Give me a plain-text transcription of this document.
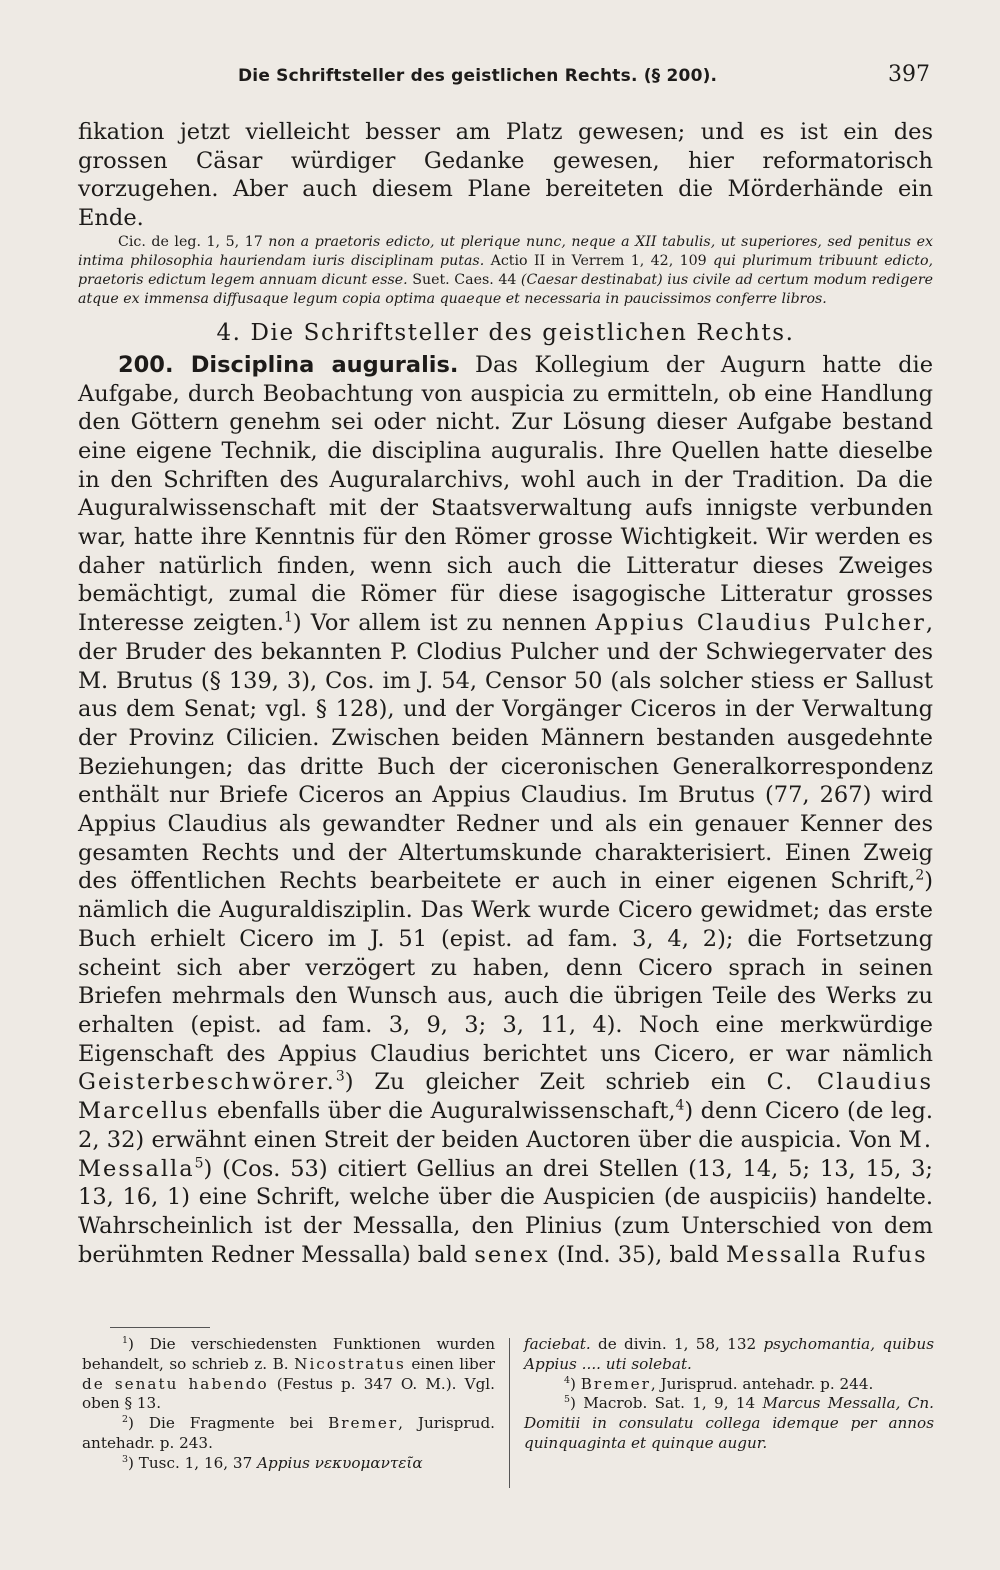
Die Schriftsteller des geistlichen Rechts. (§ 200).	397

fikation jetzt vielleicht besser am Platz gewesen; und es ist ein des grossen Cäsar würdiger Gedanke gewesen, hier reformatorisch vorzugehen. Aber auch diesem Plane bereiteten die Mörderhände ein Ende.

Cic. de leg. 1, 5, 17 non a praetoris edicto, ut plerique nunc, neque a XII tabulis, ut superiores, sed penitus ex intima philosophia hauriendam iuris disciplinam putas. Actio II in Verrem 1, 42, 109 qui plurimum tribuunt edicto, praetoris edictum legem annuam dicunt esse. Suet. Caes. 44 (Caesar destinabat) ius civile ad certum modum redigere atque ex immensa diffusaque legum copia optima quaeque et necessaria in paucissimos conferre libros.

4. Die Schriftsteller des geistlichen Rechts.

200. Disciplina auguralis. Das Kollegium der Augurn hatte die Aufgabe, durch Beobachtung von auspicia zu ermitteln, ob eine Handlung den Göttern genehm sei oder nicht. Zur Lösung dieser Aufgabe bestand eine eigene Technik, die disciplina auguralis. Ihre Quellen hatte dieselbe in den Schriften des Auguralarchivs, wohl auch in der Tradition. Da die Auguralwissenschaft mit der Staatsverwaltung aufs innigste verbunden war, hatte ihre Kenntnis für den Römer grosse Wichtigkeit. Wir werden es daher natürlich finden, wenn sich auch die Litteratur dieses Zweiges bemächtigt, zumal die Römer für diese isagogische Litteratur grosses Interesse zeigten.$^1$) Vor allem ist zu nennen Appius Claudius Pulcher, der Bruder des bekannten P. Clodius Pulcher und der Schwiegervater des M. Brutus (§ 139, 3), Cos. im J. 54, Censor 50 (als solcher stiess er Sallust aus dem Senat; vgl. § 128), und der Vorgänger Ciceros in der Verwaltung der Provinz Cilicien. Zwischen beiden Männern bestanden ausgedehnte Beziehungen; das dritte Buch der ciceronischen Generalkorrespondenz enthält nur Briefe Ciceros an Appius Claudius. Im Brutus (77, 267) wird Appius Claudius als gewandter Redner und als ein genauer Kenner des gesamten Rechts und der Altertumskunde charakterisiert. Einen Zweig des öffentlichen Rechts bearbeitete er auch in einer eigenen Schrift,$^2$) nämlich die Auguraldisziplin. Das Werk wurde Cicero gewidmet; das erste Buch erhielt Cicero im J. 51 (epist. ad fam. 3, 4, 2); die Fortsetzung scheint sich aber verzögert zu haben, denn Cicero sprach in seinen Briefen mehrmals den Wunsch aus, auch die übrigen Teile des Werks zu erhalten (epist. ad fam. 3, 9, 3; 3, 11, 4). Noch eine merkwürdige Eigenschaft des Appius Claudius berichtet uns Cicero, er war nämlich Geisterbeschwörer.$^3$) Zu gleicher Zeit schrieb ein C. Claudius Marcellus ebenfalls über die Auguralwissenschaft,$^4$) denn Cicero (de leg. 2, 32) erwähnt einen Streit der beiden Auctoren über die auspicia. Von M. Messalla$^5$) (Cos. 53) citiert Gellius an drei Stellen (13, 14, 5; 13, 15, 3; 13, 16, 1) eine Schrift, welche über die Auspicien (de auspiciis) handelte. Wahrscheinlich ist der Messalla, den Plinius (zum Unterschied von dem berühmten Redner Messalla) bald senex (Ind. 35), bald Messalla Rufus

$^1$) Die verschiedensten Funktionen wurden behandelt, so schrieb z. B. Nicostratus einen liber de senatu habendo (Festus p. 347 O. M.). Vgl. oben § 13.

$^2$) Die Fragmente bei Bremer, Jurisprud. antehadr. p. 243.

$^3$) Tusc. 1, 16, 37 Appius νεκυομαντεῖα

faciebat. de divin. 1, 58, 132 psychomantia, quibus Appius .... uti solebat.

$^4$) Bremer, Jurisprud. antehadr. p. 244.

$^5$) Macrob. Sat. 1, 9, 14 Marcus Messalla, Cn. Domitii in consulatu collega idemque per annos quinquaginta et quinque augur.
